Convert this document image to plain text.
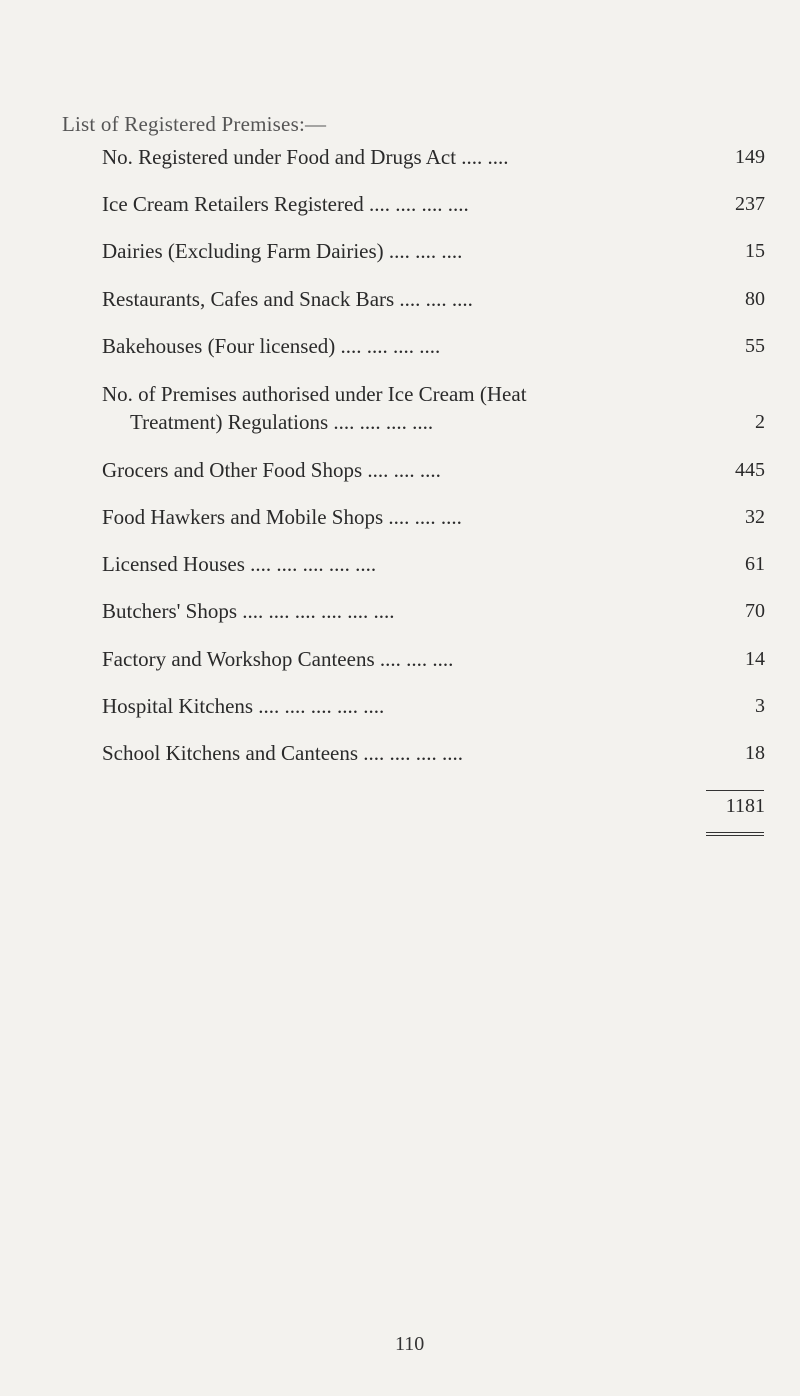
List of Registered Premises:—
No. Registered under Food and Drugs Act .... ....	149
Ice Cream Retailers Registered .... .... .... ....	237
Dairies (Excluding Farm Dairies) .... .... ....	15
Restaurants, Cafes and Snack Bars .... .... ....	80
Bakehouses (Four licensed) .... .... .... ....	55
No. of Premises authorised under Ice Cream (Heat
Treatment) Regulations .... .... .... ....	2
Grocers and Other Food Shops .... .... ....	445
Food Hawkers and Mobile Shops .... .... ....	32
Licensed Houses .... .... .... .... ....	61
Butchers' Shops .... .... .... .... .... ....	70
Factory and Workshop Canteens .... .... ....	14
Hospital Kitchens .... .... .... .... ....	3
School Kitchens and Canteens .... .... .... ....	18
1181
110
